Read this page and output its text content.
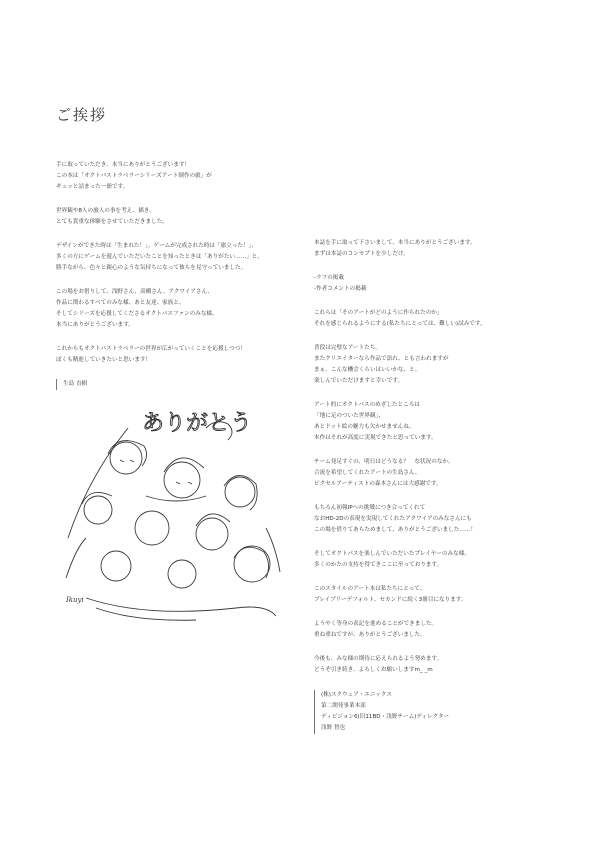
ご挨拶
手に取っていただき、本当にありがとうございます！
この本は「オクトパストラベラーシリーズアート制作の旅」が
ギュッと詰まった一冊です。
世界観や8人の旅人の事を考え、描き、
とても貴重な体験をさせていただきました。
デザインができた時は「生まれた！」、ゲームが完成された時は「旅立った！」、
多くの方にゲームを遊んでいただいたことを知ったときは「ありがたい……」と、
勝手ながら、色々と親心のような気持ちになって彼らを見守っていました。
この場をお借りして、浅野さん、高橋さん、アクワイアさん、
作品に関わるすべてのみな様、あと友達、家族と、
そしてシリーズを応援してくださるオクトパスファンのみな様、
本当にありがとうございます。
これからもオクトパストラベラーの世界が広がっていくことを応援しつつ！
ぼくも精進していきたいと思います！
生島 直樹
ありがとう
Ikuyi
本誌を手に取って下さいまして、本当にありがとうございます。
まずは本誌のコンセプトを少しだけ。
-ラフの掲載
-作者コメントの掲載
これらは「そのアートがどのように作られたのか」
それを感じられるようにする(私たちにとっては、難しい)試みです。
普段は完璧なアートたち。
またクリエイターなら作品で語れ、とも言われますが
まぁ、こんな機会くらいはいいかな、と。
楽しんでいただけますと幸いです。
アート的にオクトパスのめざしたところは
「地に足のついた世界観」、
あとドット絵の魅力も欠かせませんね。
本作はそれが高度に実現できたと思っています。
チーム発足すぐの、明日はどうなる？　な状況のなか、
合流を希望してくれたアートの生島さん、
ピクセルアーティストの森本さんには大感謝です。
もちろん初報IPへの挑戦につき合ってくれて
なおHD-2Dの表現を実現してくれたアクワイアのみなさんにも
この場を借りてあらためまして、ありがとうございました……！
そしてオクトパスを楽しんでいただいたプレイヤーのみな様、
多くのかたの支持を得てきここに至っております。
このスタイルのアート本は私たちにとって、
ブレイブリーデフォルト、セカンドに続く3冊目になります。
ようやく等身の表記を進めることができました。
重ね重ねですが、ありがとうございました。
今後も、みな様の期待に応えられるよう努めます。
どうぞ引き続き、よろしくお願いしますm_ _m
(株)スクウェア・エニックス
第二開発事業本部
ディビジョン6(旧11BD・浅野チーム)ディレクター
浅野 智也
